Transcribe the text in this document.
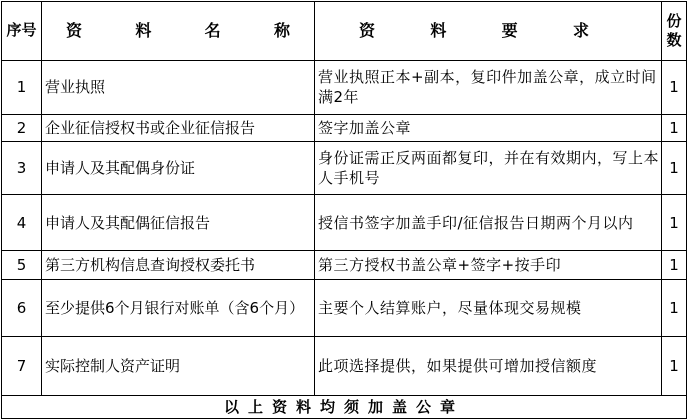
序号	资 料 名 称	资 料 要 求	份数
1	营业执照	营业执照正本+副本，复印件加盖公章，成立时间满2年	1
2	企业征信授权书或企业征信报告	签字加盖公章	1
3	申请人及其配偶身份证	身份证需正反两面都复印，并在有效期内，写上本人手机号	1
4	申请人及其配偶征信报告	授信书签字加盖手印/征信报告日期两个月以内	1
5	第三方机构信息查询授权委托书	第三方授权书盖公章+签字+按手印	1
6	至少提供6个月银行对账单（含6个月）	主要个人结算账户，尽量体现交易规模	1
7	实际控制人资产证明	此项选择提供，如果提供可增加授信额度	1
以上资料均须加盖公章			
